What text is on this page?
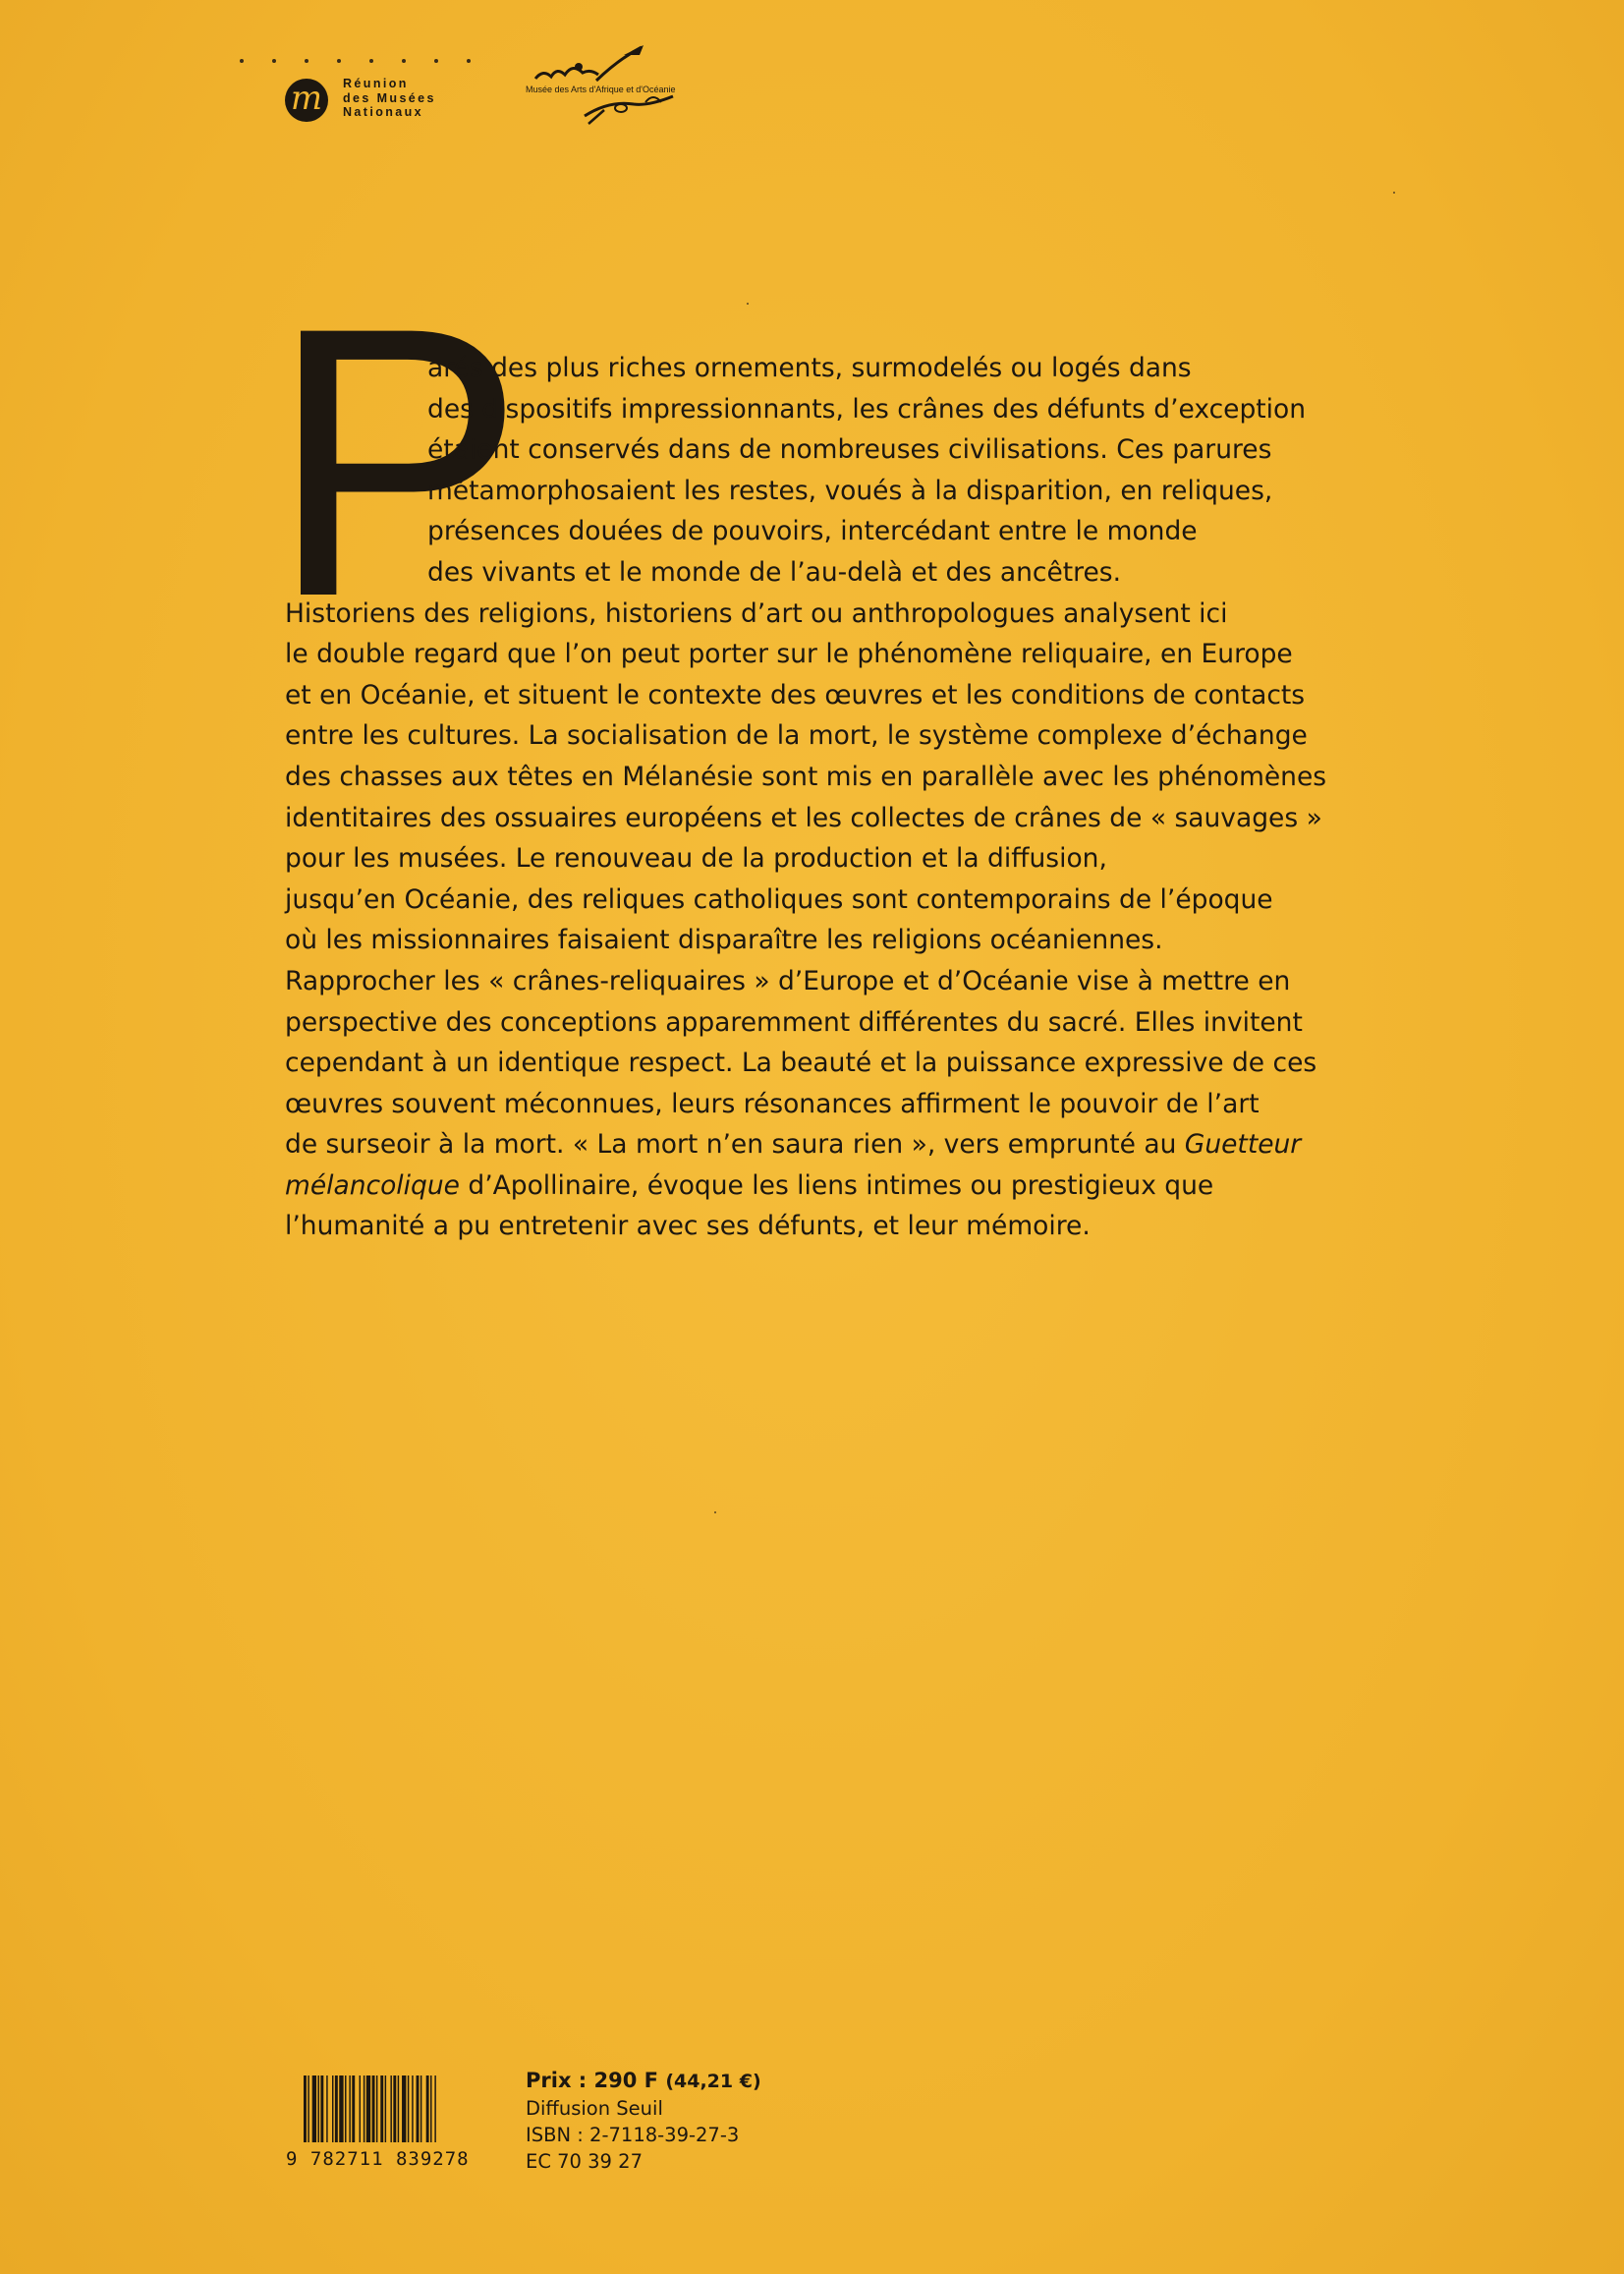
m	Réunion
des Musées
Nationaux
Musée des Arts d'Afrique et d'Océanie
P
arés des plus riches ornements, surmodelés ou logés dans
des dispositifs impressionnants, les crânes des défunts d’exception
étaient conservés dans de nombreuses civilisations. Ces parures
métamorphosaient les restes, voués à la disparition, en reliques,
présences douées de pouvoirs, intercédant entre le monde
des vivants et le monde de l’au-delà et des ancêtres.
Historiens des religions, historiens d’art ou anthropologues analysent ici
le double regard que l’on peut porter sur le phénomène reliquaire, en Europe
et en Océanie, et situent le contexte des œuvres et les conditions de contacts
entre les cultures. La socialisation de la mort, le système complexe d’échange
des chasses aux têtes en Mélanésie sont mis en parallèle avec les phénomènes
identitaires des ossuaires européens et les collectes de crânes de « sauvages »
pour les musées. Le renouveau de la production et la diffusion,
jusqu’en Océanie, des reliques catholiques sont contemporains de l’époque
où les missionnaires faisaient disparaître les religions océaniennes.
Rapprocher les « crânes-reliquaires » d’Europe et d’Océanie vise à mettre en
perspective des conceptions apparemment différentes du sacré. Elles invitent
cependant à un identique respect. La beauté et la puissance expressive de ces
œuvres souvent méconnues, leurs résonances affirment le pouvoir de l’art
de surseoir à la mort. « La mort n’en saura rien », vers emprunté au Guetteur
mélancolique d’Apollinaire, évoque les liens intimes ou prestigieux que
l’humanité a pu entretenir avec ses défunts, et leur mémoire.
9 782711 839278
Prix : 290 F (44,21 €)
Diffusion Seuil
ISBN : 2-7118-39-27-3
EC 70 39 27
